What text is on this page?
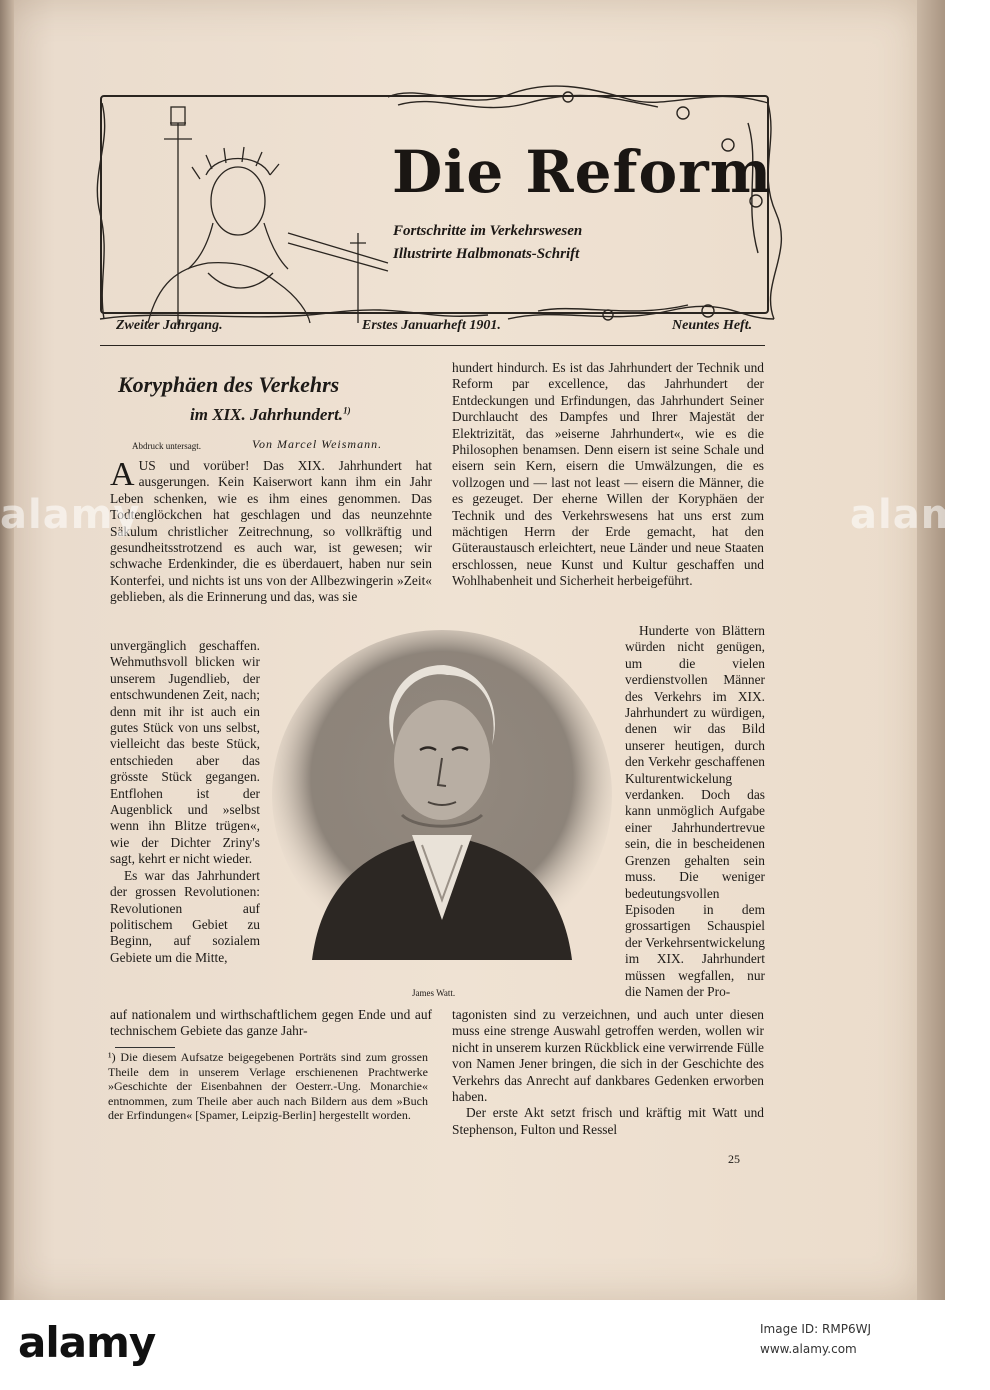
Die Reform
Fortschritte im Verkehrswesen
Illustrirte Halbmonats-Schrift
Zweiter Jahrgang.	Erstes Januarheft 1901.	Neuntes Heft.
Koryphäen des Verkehrs
im XIX. Jahrhundert.$^{1)}$
Abdruck untersagt.	Von Marcel Weismann.

AUS und vorüber! Das XIX. Jahrhundert hat ausgerungen. Kein Kaiserwort kann ihm ein Jahr Leben schenken, wie es ihm eines genommen. Das Todtenglöckchen hat geschlagen und das neunzehnte Säkulum christlicher Zeitrechnung, so vollkräftig und gesundheitsstrotzend es auch war, ist gewesen; wir schwache Erdenkinder, die es überdauert, haben nur sein Konterfei, und nichts ist uns von der Allbezwingerin »Zeit« geblieben, als die Erinnerung und das, was sie

unvergänglich geschaffen. Wehmuthsvoll blicken wir unserem Jugendlieb, der entschwundenen Zeit, nach; denn mit ihr ist auch ein gutes Stück von uns selbst, vielleicht das beste Stück, entschieden aber das grösste Stück gegangen. Entflohen ist der Augenblick und »selbst wenn ihn Blitze trügen«, wie der Dichter Zriny's sagt, kehrt er nicht wieder.

Es war das Jahrhundert der grossen Revolutionen: Revolutionen auf politischem Gebiet zu Beginn, auf sozialem Gebiete um die Mitte,

auf nationalem und wirthschaftlichem gegen Ende und auf technischem Gebiete das ganze Jahr-
hundert hindurch. Es ist das Jahrhundert der Technik und Reform par excellence, das Jahrhundert der Entdeckungen und Erfindungen, das Jahrhundert Seiner Durchlaucht des Dampfes und Ihrer Majestät der Elektrizität, das »eiserne Jahrhundert«, wie es die Philosophen benamsen. Denn eisern ist seine Schale und eisern sein Kern, eisern die Umwälzungen, die es vollzogen und — last not least — eisern die Männer, die es gezeuget. Der eherne Willen der Koryphäen der Technik und des Verkehrswesens hat uns erst zum mächtigen Herrn der Erde gemacht, hat den Güteraustausch erleichtert, neue Länder und neue Staaten erschlossen, neue Kunst und Kultur geschaffen und Wohlhabenheit und Sicherheit herbeigeführt.
Hunderte von Blättern würden nicht genügen, um die vielen verdienstvollen Männer des Verkehrs im XIX. Jahrhundert zu würdigen, denen wir das Bild unserer heutigen, durch den Verkehr geschaffenen Kulturentwickelung verdanken. Doch das kann unmöglich Aufgabe einer Jahrhundertrevue sein, die in bescheidenen Grenzen gehalten sein muss. Die weniger bedeutungsvollen Episoden in dem grossartigen Schauspiel der Verkehrsentwickelung im XIX. Jahrhundert müssen wegfallen, nur die Namen der Pro-

tagonisten sind zu verzeichnen, und auch unter diesen muss eine strenge Auswahl getroffen werden, wollen wir nicht in unserem kurzen Rückblick eine verwirrende Fülle von Namen Jener bringen, die sich in der Geschichte des Verkehrs das Anrecht auf dankbares Gedenken erworben haben.

Der erste Akt setzt frisch und kräftig mit Watt und Stephenson, Fulton und Ressel

James Watt.
¹) Die diesem Aufsatze beigegebenen Porträts sind zum grossen Theile dem in unserem Verlage erschienenen Prachtwerke »Geschichte der Eisenbahnen der Oesterr.-Ung. Monarchie« entnommen, zum Theile aber auch nach Bildern aus dem »Buch der Erfindungen« [Spamer, Leipzig-Berlin] hergestellt worden.
25
alamy	alamy
alamy	Image ID: RMP6WJ
www.alamy.com
